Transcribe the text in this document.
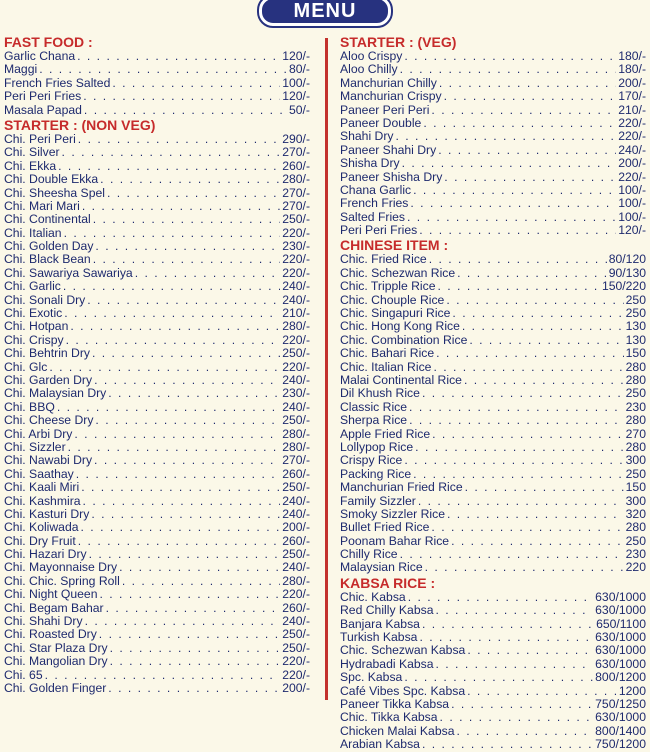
MENU
FAST FOOD :
Garlic Chana . . .	120/-
Maggi . . .	80/-
French Fries Salted . . .	100/-
Peri Peri Fries . . .	120/-
Masala Papad . . .	50/-
STARTER : (NON VEG)
Chi. Peri Peri . . .	290/-
Chi. Silver . . .	270/-
Chi. Ekka . . .	260/-
Chi. Double Ekka . . .	280/-
Chi. Sheesha Spel . . .	270/-
Chi. Mari Mari . . .	270/-
Chi. Continental . . .	250/-
Chi. Italian . . .	220/-
Chi. Golden Day . . .	230/-
Chi. Black Bean . . .	220/-
Chi. Sawariya Sawariya . . .	220/-
Chi. Garlic . . .	240/-
Chi. Sonali Dry . . .	240/-
Chi. Exotic . . .	210/-
Chi. Hotpan . . .	280/-
Chi. Crispy . . .	220/-
Chi. Behtrin Dry . . .	250/-
Chi. Glc . . .	220/-
Chi. Garden Dry . . .	240/-
Chi. Malaysian Dry . . .	230/-
Chi. BBQ . . .	240/-
Chi. Cheese Dry . . .	250/-
Chi. Arbi Dry . . .	280/-
Chi. Sizzler . . .	280/-
Chi. Nawabi Dry . . .	270/-
Chi. Saathay . . .	260/-
Chi. Kaali Miri . . .	250/-
Chi. Kashmira . . .	240/-
Chi. Kasturi Dry . . .	240/-
Chi. Koliwada . . .	200/-
Chi. Dry Fruit . . .	260/-
Chi. Hazari Dry . . .	250/-
Chi. Mayonnaise Dry . . .	240/-
Chi. Chic. Spring Roll . . .	280/-
Chi. Night Queen . . .	220/-
Chi. Begam Bahar . . .	260/-
Chi. Shahi Dry . . .	240/-
Chi. Roasted Dry . . .	250/-
Chi. Star Plaza Dry . . .	250/-
Chi. Mangolian Dry . . .	220/-
Chi. 65 . . .	220/-
Chi. Golden Finger . . .	200/-
STARTER : (VEG)
Aloo Crispy . . .	180/-
Aloo Chilly . . .	180/-
Manchurian Chilly . . .	200/-
Manchurian Crispy . . .	170/-
Paneer Peri Peri . . .	210/-
Paneer Double . . .	220/-
Shahi Dry . . .	220/-
Paneer Shahi Dry . . .	240/-
Shisha Dry . . .	200/-
Paneer Shisha Dry . . .	220/-
Chana Garlic . . .	100/-
French Fries . . .	100/-
Salted Fries . . .	100/-
Peri Peri Fries . . .	120/-
CHINESE ITEM :
Chic. Fried Rice . . .	80/120
Chic. Schezwan Rice . . .	90/130
Chic. Tripple Rice . . .	150/220
Chic. Chouple Rice . . .	250
Chic. Singapuri Rice . . .	250
Chic. Hong Kong Rice . . .	130
Chic. Combination Rice . . .	130
Chic. Bahari Rice . . .	150
Chic. Italian Rice . . .	280
Malai Continental Rice . . .	280
Dil Khush Rice . . .	250
Classic Rice . . .	230
Sherpa Rice . . .	280
Apple Fried Rice . . .	270
Lollypop Rice . . .	280
Crispy Rice . . .	300
Packing Rice . . .	250
Manchurian Fried Rice . . .	150
Family Sizzler . . .	300
Smoky Sizzler Rice . . .	320
Bullet Fried Rice . . .	280
Poonam Bahar Rice . . .	250
Chilly Rice . . .	230
Malaysian Rice . . .	220
KABSA RICE :
Chic. Kabsa . . .	630/1000
Red Chilly Kabsa . . .	630/1000
Banjara Kabsa . . .	650/1100
Turkish Kabsa . . .	630/1000
Chic. Schezwan Kabsa . . .	630/1000
Hydrabadi Kabsa . . .	630/1000
Spc. Kabsa . . .	800/1200
Café Vibes Spc. Kabsa . . .	1200
Paneer Tikka Kabsa . . .	750/1250
Chic. Tikka Kabsa . . .	630/1000
Chicken Malai Kabsa . . .	800/1400
Arabian Kabsa . . .	750/1200
